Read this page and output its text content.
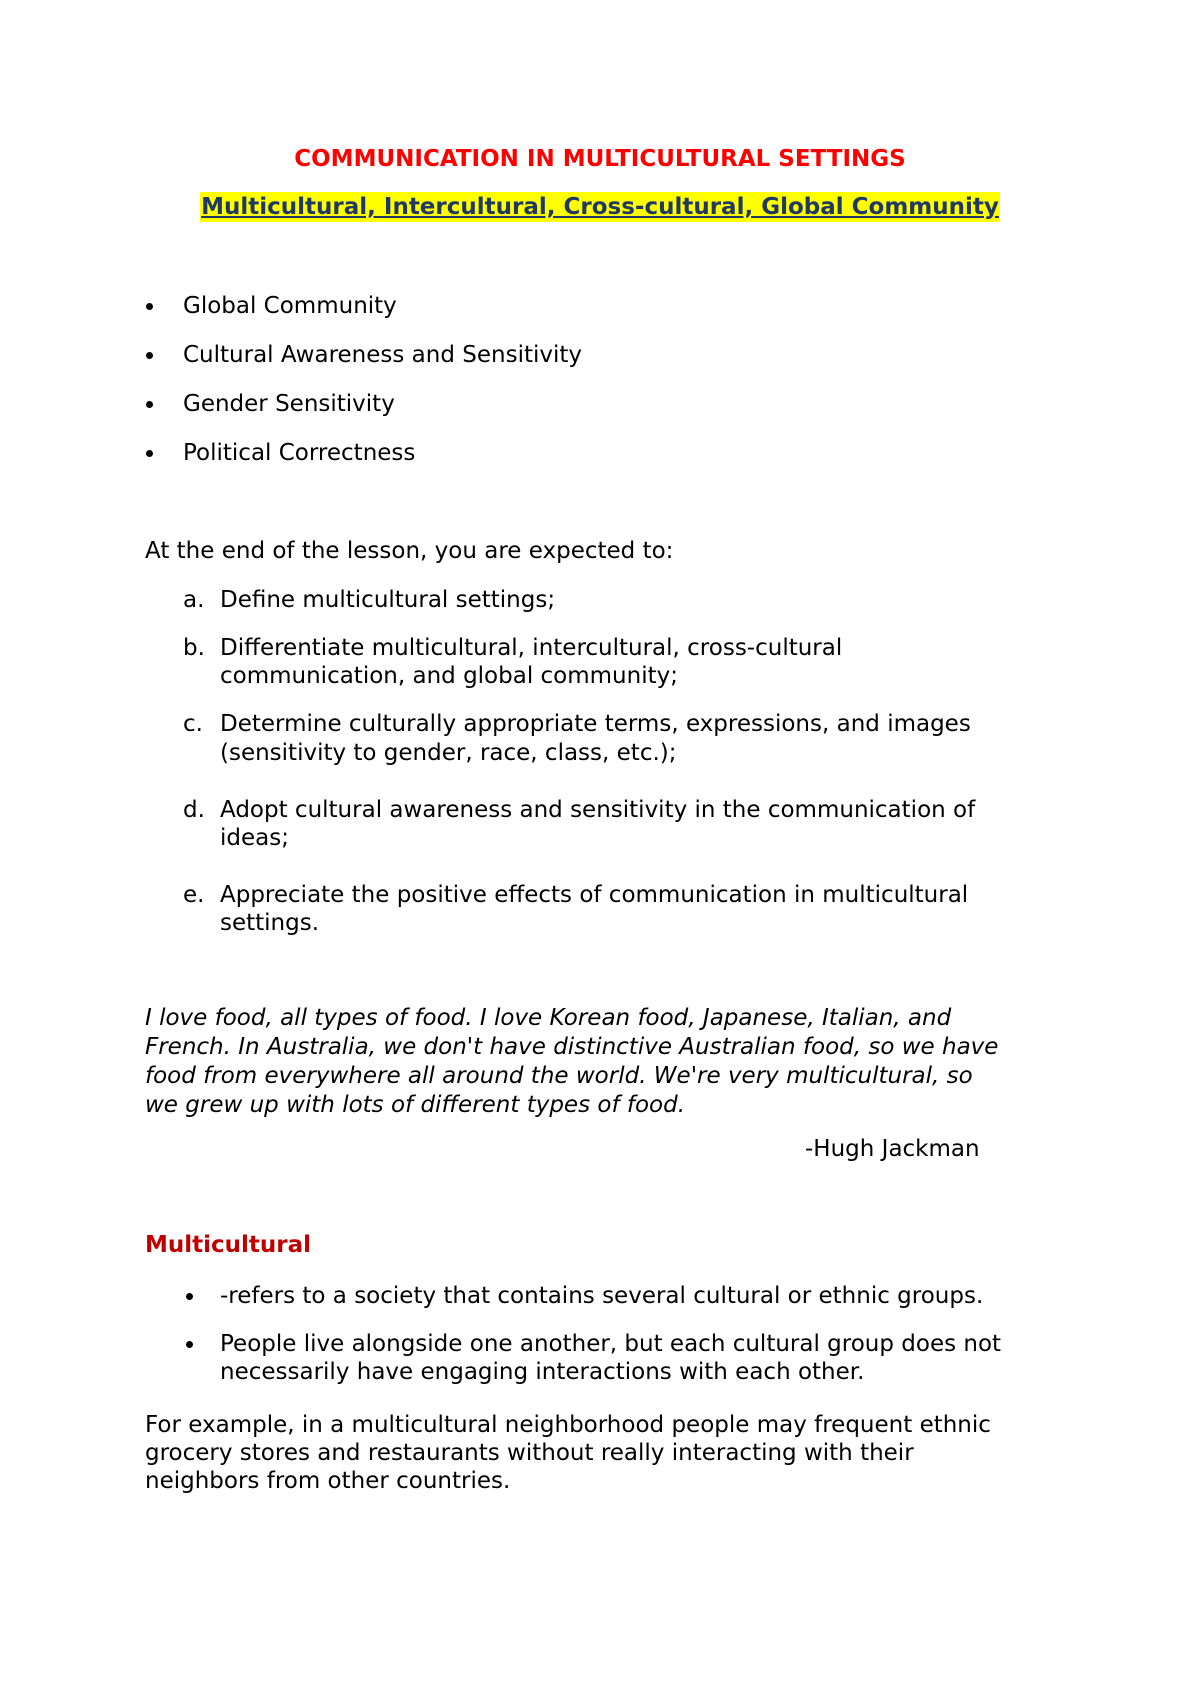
COMMUNICATION IN MULTICULTURAL SETTINGS

Multicultural, Intercultural, Cross-cultural, Global Community

Global Community

Cultural Awareness and Sensitivity

Gender Sensitivity

Political Correctness

At the end of the lesson, you are expected to:

a. Define multicultural settings;

b. Differentiate multicultural, intercultural, cross-cultural

communication, and global community;

c. Determine culturally appropriate terms, expressions, and images

(sensitivity to gender, race, class, etc.);

d. Adopt cultural awareness and sensitivity in the communication of

ideas;

e. Appreciate the positive effects of communication in multicultural

settings.

I love food, all types of food. I love Korean food, Japanese, Italian, and
French. In Australia, we don't have distinctive Australian food, so we have
food from everywhere all around the world. We're very multicultural, so
we grew up with lots of different types of food.

-Hugh Jackman

Multicultural

-refers to a society that contains several cultural or ethnic groups.

People live alongside one another, but each cultural group does not

necessarily have engaging interactions with each other.

For example, in a multicultural neighborhood people may frequent ethnic

grocery stores and restaurants without really interacting with their

neighbors from other countries.
